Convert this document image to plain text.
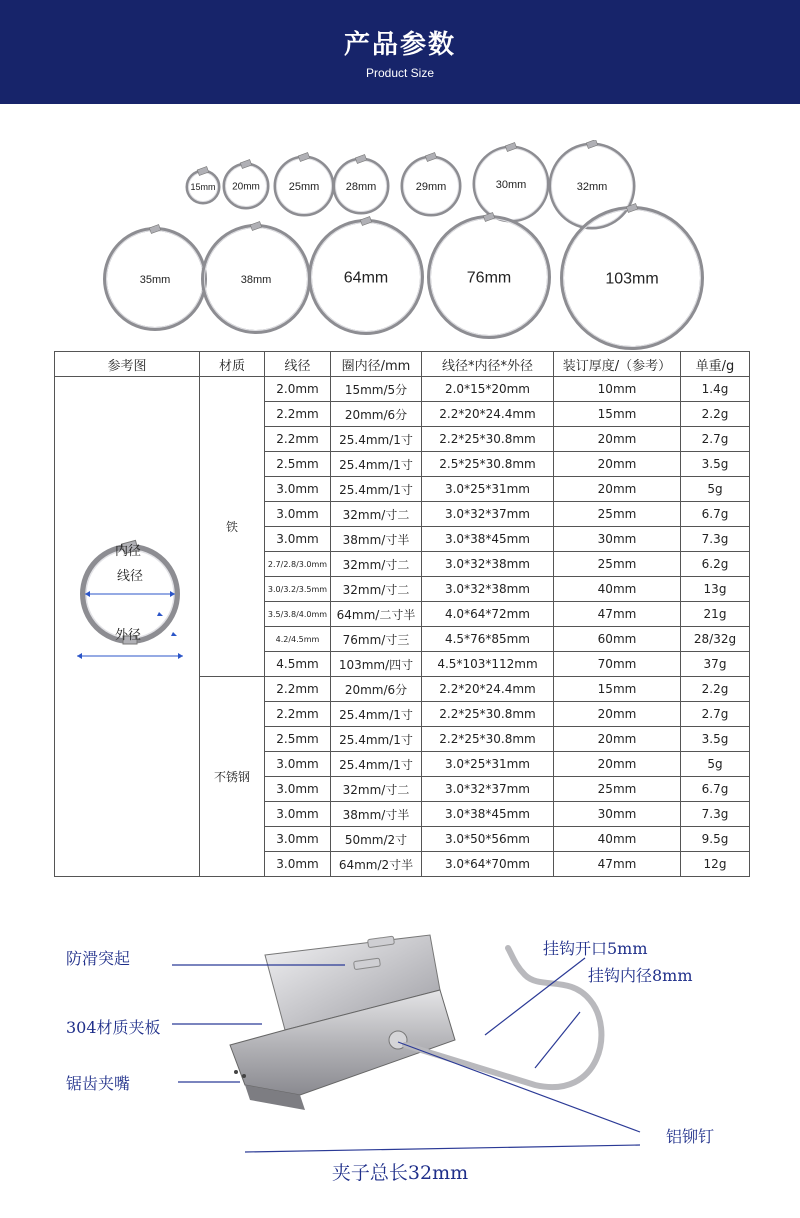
产品参数
Product Size
15mm 20mm	25mm 28mm	29mm	30mm	32mm
35mm	38mm	64mm	76mm	103mm
参考图	材质	线径	圈内径/mm	线径*内径*外径	装订厚度/（参考）	单重/g

内径
线径
外径	铁	2.0mm	15mm/5分	2.0*15*20mm	10mm	1.4g
		2.2mm	20mm/6分	2.2*20*24.4mm	15mm	2.2g
		2.2mm	25.4mm/1寸	2.2*25*30.8mm	20mm	2.7g
		2.5mm	25.4mm/1寸	2.5*25*30.8mm	20mm	3.5g
		3.0mm	25.4mm/1寸	3.0*25*31mm	20mm	5g
		3.0mm	32mm/寸二	3.0*32*37mm	25mm	6.7g
		3.0mm	38mm/寸半	3.0*38*45mm	30mm	7.3g
		2.7/2.8/3.0mm	32mm/寸二	3.0*32*38mm	25mm	6.2g
		3.0/3.2/3.5mm	32mm/寸二	3.0*32*38mm	40mm	13g
		3.5/3.8/4.0mm	64mm/二寸半	4.0*64*72mm	47mm	21g
		4.2/4.5mm	76mm/寸三	4.5*76*85mm	60mm	28/32g
		4.5mm	103mm/四寸	4.5*103*112mm	70mm	37g
	不锈钢	2.2mm	20mm/6分	2.2*20*24.4mm	15mm	2.2g
		2.2mm	25.4mm/1寸	2.2*25*30.8mm	20mm	2.7g
		2.5mm	25.4mm/1寸	2.2*25*30.8mm	20mm	3.5g
		3.0mm	25.4mm/1寸	3.0*25*31mm	20mm	5g
		3.0mm	32mm/寸二	3.0*32*37mm	25mm	6.7g
		3.0mm	38mm/寸半	3.0*38*45mm	30mm	7.3g
		3.0mm	50mm/2寸	3.0*50*56mm	40mm	9.5g
		3.0mm	64mm/2寸半	3.0*64*70mm	47mm	12g
防滑突起
304材质夹板
锯齿夹嘴
挂钩开口5mm
挂钩内径8mm
铝铆钉
夹子总长32mm
